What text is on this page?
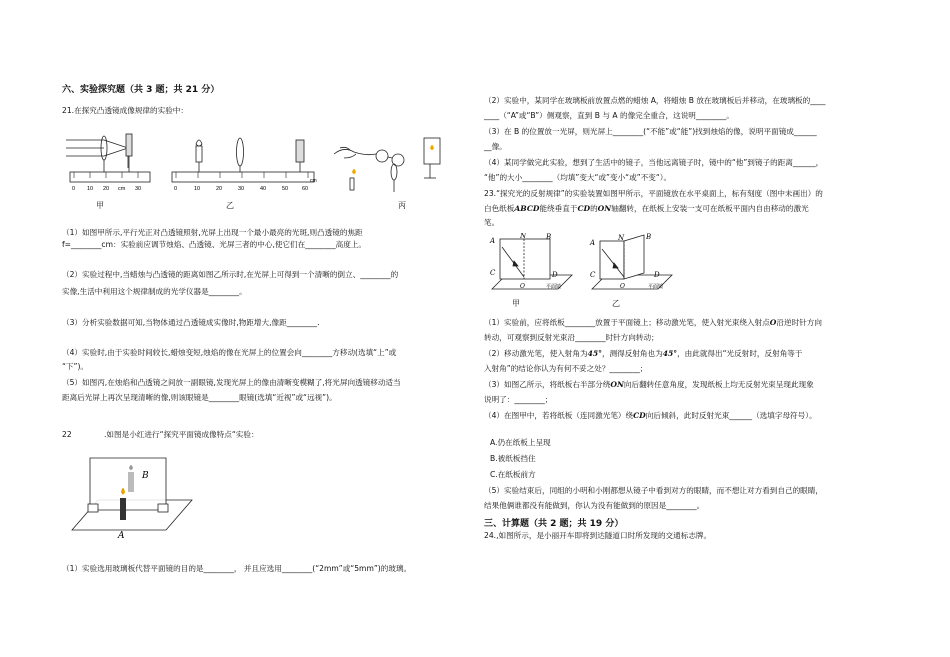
六、实验探究题（共 3 题；共 21 分）
21.在探究凸透镜成像规律的实验中：
0 10 20 cm 30
甲
0	10	20	30	40	50	60
cm
乙	丙
（1）如图甲所示,平行光正对凸透镜照射,光屏上出现一个最小最亮的光斑,则凸透镜的焦距
f=________cm：实验前应调节烛焰、凸透镜、光屏三者的中心,使它们在________高度上。
（2）实验过程中,当蜡烛与凸透镜的距离如图乙所示时,在光屏上可得到一个清晰的倒立、________的
实像,生活中利用这个规律制成的光学仪器是________。
（3）分析实验数据可知,当物体通过凸透镜成实像时,物距增大,像距________.
（4）实验时,由于实验时间较长,蜡烛变短,烛焰的像在光屏上的位置会向________方移动(选填“上”或
“下”)。
（5）如图丙,在烛焰和凸透镜之间放一副眼镜,发现光屏上的像由清晰变模糊了,将光屏向透镜移动适当
距离后光屏上再次呈现清晰的像,则该眼镜是________眼镜(选填“近视”或“远视”)。
22	.如图是小红进行“探究平面镜成像特点“实验：
B
A
（1）实验选用玻璃板代替平面镜的目的是________， 并且应选用________(“2mm”或“5mm”)的玻璃。
（2）实验中，某同学在玻璃板前放置点燃的蜡烛 A，将蜡烛 B 放在玻璃板后并移动，在玻璃板的____
____（“A”或“B”）侧观察，直到 B 与 A 的像完全重合，这说明________。
（3）在 B 的位置放一光屏，则光屏上________(“不能”或“能”)找到烛焰的像，说明平面镜成______
__像。
（4）某同学做完此实验，想到了生活中的镜子，当他远离镜子时，镜中的“他”到镜子的距离______，
“他”的大小________（均填”变大“或”变小“或”不变“）。
23.“探究光的反射规律”的实验装置如图甲所示，平面镜放在水平桌面上，标有刻度（图中未画出）的
白色纸板ABCD能绕垂直于CD的ON轴翻转，在纸板上安装一支可在纸板平面内自由移动的激光
笔。
A
N	B
C
O
D
平面镜
甲
A
N	B
C
O
D
平面镜
乙
（1）实验前，应将纸板________放置于平面镜上；移动激光笔，使入射光束绕入射点O沿逆时针方向
转动，可观察到反射光束沿________时针方向转动；
（2）移动激光笔，使入射角为45°，测得反射角也为45°，由此就得出“光反射时，反射角等于
入射角”的结论你认为有何不妥之处？________；
（3）如图乙所示，将纸板右半部分绕ON向后翻转任意角度，发现纸板上均无反射光束呈现此现象
说明了：________；
（4）在图甲中，若将纸板（连同激光笔）绕CD向后倾斜，此时反射光束______（选填字母符号）。
A.仍在纸板上呈现
B.被纸板挡住
C.在纸板前方
（5）实验结束后，同组的小明和小刚都想从镜子中看到对方的眼睛，而不想让对方看到自己的眼睛，
结果他俩谁都没有能做到，你认为没有能做到的原因是________。
三、计算题（共 2 题；共 19 分）
24.,如图所示，是小丽开车即将到达隧道口时所发现的交通标志牌。
